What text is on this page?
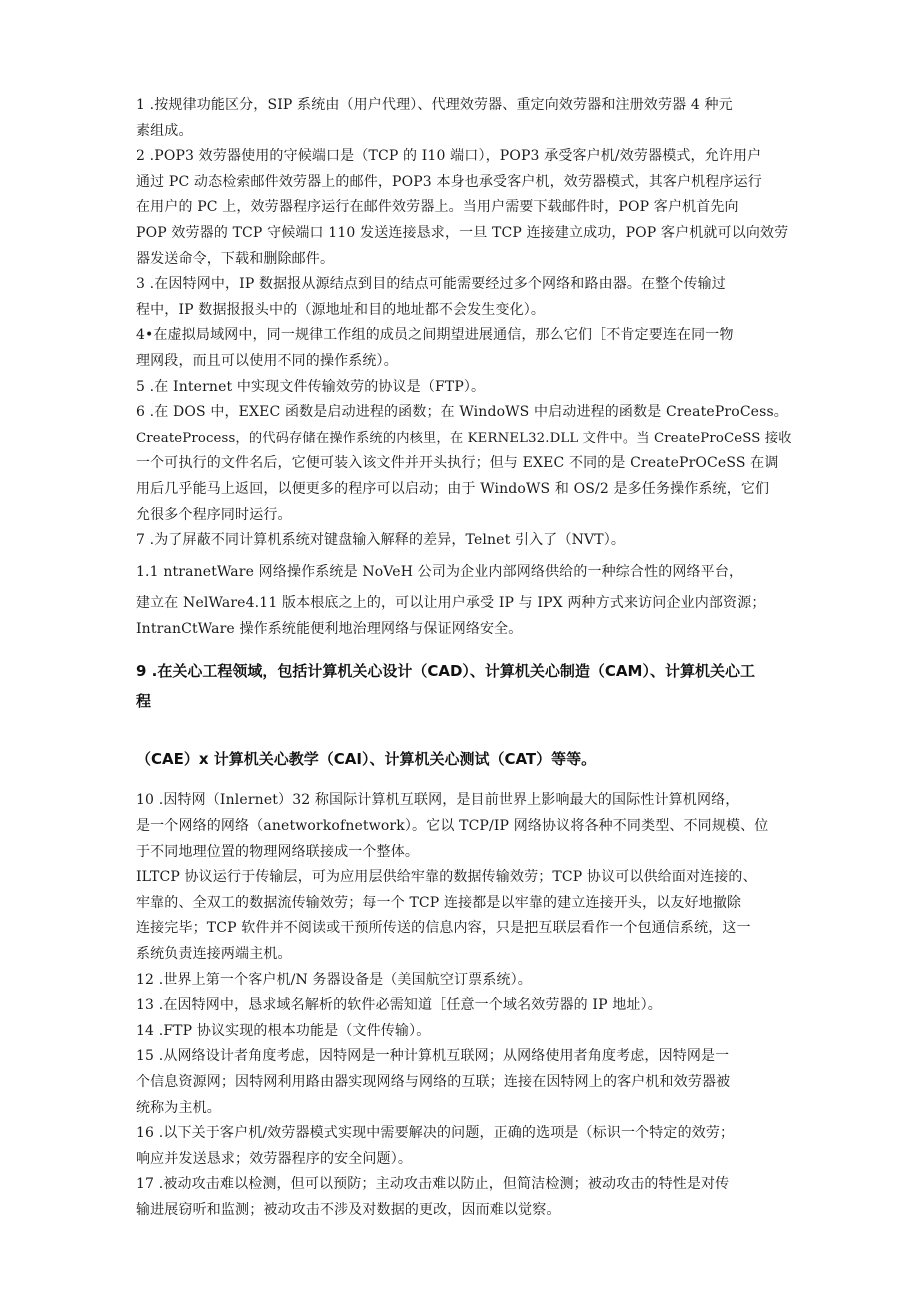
1 .按规律功能区分，SIP 系统由（用户代理）、代理效劳器、重定向效劳器和注册效劳器 4 种元
素组成。

2 .POP3 效劳器使用的守候端口是（TCP 的 I10 端口），POP3 承受客户机/效劳器模式，允许用户
通过 PC 动态检索邮件效劳器上的邮件，POP3 本身也承受客户机，效劳器模式，其客户机程序运行
在用户的 PC 上，效劳器程序运行在邮件效劳器上。当用户需要下载邮件时，POP 客户机首先向
POP 效劳器的 TCP 守候端口 110 发送连接恳求，一旦 TCP 连接建立成功，POP 客户机就可以向效劳
器发送命令，下载和删除邮件。

3 .在因特网中，IP 数据报从源结点到目的结点可能需要经过多个网络和路由器。在整个传输过
程中，IP 数据报报头中的（源地址和目的地址都不会发生变化）。

4•在虚拟局域网中，同一规律工作组的成员之间期望进展通信，那么它们［不肯定要连在同一物
理网段，而且可以使用不同的操作系统）。

5 .在 Internet 中实现文件传输效劳的协议是（FTP）。

6 .在 DOS 中，EXEC 函数是启动进程的函数；在 WindoWS 中启动进程的函数是 CreateProCess。
CreateProcess，的代码存储在操作系统的内核里，在 KERNEL32.DLL 文件中。当 CreateProCeSS 接收
一个可执行的文件名后，它便可装入该文件并开头执行；但与 EXEC 不同的是 CreatePrOCeSS 在调
用后几乎能马上返回，以便更多的程序可以启动；由于 WindoWS 和 OS/2 是多任务操作系统，它们
允很多个程序同时运行。

7 .为了屏蔽不同计算机系统对键盘输入解释的差异，Telnet 引入了（NVT）。

1.1 ntranetWare 网络操作系统是 NoVeH 公司为企业内部网络供给的一种综合性的网络平台，

建立在 NelWare4.11 版本根底之上的，可以让用户承受 IP 与 IPX 两种方式来访问企业内部资源；
IntranCtWare 操作系统能便利地治理网络与保证网络安全。

9 .在关心工程领域，包括计算机关心设计（CAD）、计算机关心制造（CAM）、计算机关心工
程

（CAE）x 计算机关心教学（CAI）、计算机关心测试（CAT）等等。

10 .因特网（Inlernet）32 称国际计算机互联网，是目前世界上影响最大的国际性计算机网络，
是一个网络的网络（anetworkofnetwork）。它以 TCP/IP 网络协议将各种不同类型、不同规模、位
于不同地理位置的物理网络联接成一个整体。

ILTCP 协议运行于传输层，可为应用层供给牢靠的数据传输效劳；TCP 协议可以供给面对连接的、
牢靠的、全双工的数据流传输效劳；每一个 TCP 连接都是以牢靠的建立连接开头，以友好地撤除
连接完毕；TCP 软件并不阅读或干预所传送的信息内容，只是把互联层看作一个包通信系统，这一
系统负责连接两端主机。

12 .世界上第一个客户机/N 务器设备是（美国航空订票系统）。

13 .在因特网中，恳求域名解析的软件必需知道［任意一个域名效劳器的 IP 地址）。

14 .FTP 协议实现的根本功能是（文件传输）。

15 .从网络设计者角度考虑，因特网是一种计算机互联网；从网络使用者角度考虑，因特网是一
个信息资源网；因特网利用路由器实现网络与网络的互联；连接在因特网上的客户机和效劳器被
统称为主机。

16 .以下关于客户机/效劳器模式实现中需要解决的问题，正确的选项是（标识一个特定的效劳；
响应并发送恳求；效劳器程序的安全问题）。

17 .被动攻击难以检测，但可以预防；主动攻击难以防止，但简洁检测；被动攻击的特性是对传
输进展窃听和监测；被动攻击不涉及对数据的更改，因而难以觉察。
